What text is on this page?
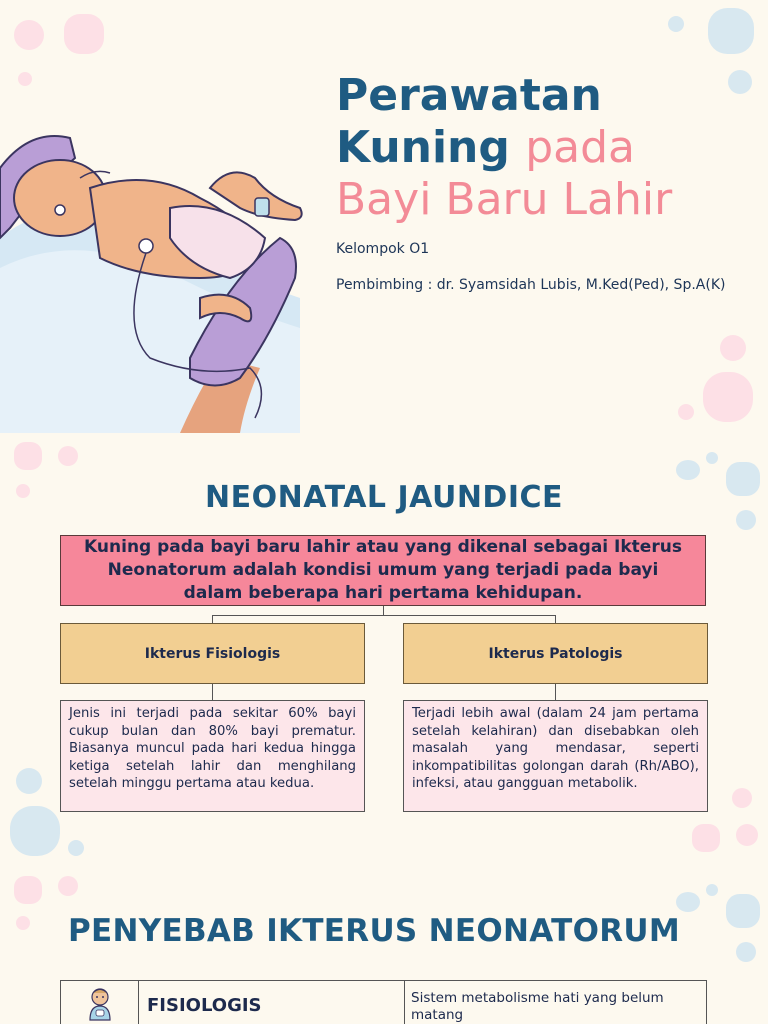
Perawatan
Kuning pada
Bayi Baru Lahir
Kelompok O1
Pembimbing : dr. Syamsidah Lubis, M.Ked(Ped), Sp.A(K)
NEONATAL JAUNDICE
Kuning pada bayi baru lahir atau yang dikenal sebagai Ikterus Neonatorum adalah kondisi umum yang terjadi pada bayi dalam beberapa hari pertama kehidupan.
Ikterus Fisiologis	Ikterus Patologis
Jenis ini terjadi pada sekitar 60% bayi cukup bulan dan 80% bayi prematur. Biasanya muncul pada hari kedua hingga ketiga setelah lahir dan menghilang setelah minggu pertama atau kedua.
Terjadi lebih awal (dalam 24 jam pertama setelah kelahiran) dan disebabkan oleh masalah yang mendasar, seperti inkompatibilitas golongan darah (Rh/ABO), infeksi, atau gangguan metabolik.
PENYEBAB IKTERUS NEONATORUM
FISIOLOGIS	Sistem metabolisme hati yang belum matang
